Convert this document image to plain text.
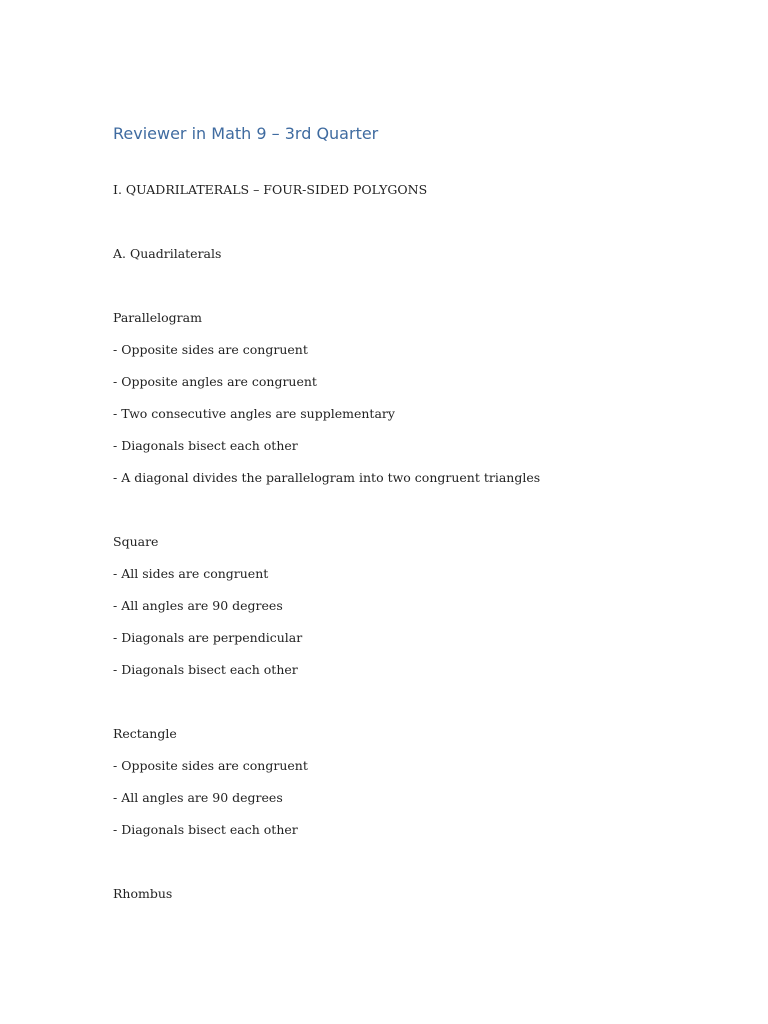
Reviewer in Math 9 – 3rd Quarter

I. QUADRILATERALS – FOUR-SIDED POLYGONS

A. Quadrilaterals

Parallelogram

- Opposite sides are congruent

- Opposite angles are congruent

- Two consecutive angles are supplementary

- Diagonals bisect each other

- A diagonal divides the parallelogram into two congruent triangles

Square

- All sides are congruent

- All angles are 90 degrees

- Diagonals are perpendicular

- Diagonals bisect each other

Rectangle

- Opposite sides are congruent

- All angles are 90 degrees

- Diagonals bisect each other

Rhombus
